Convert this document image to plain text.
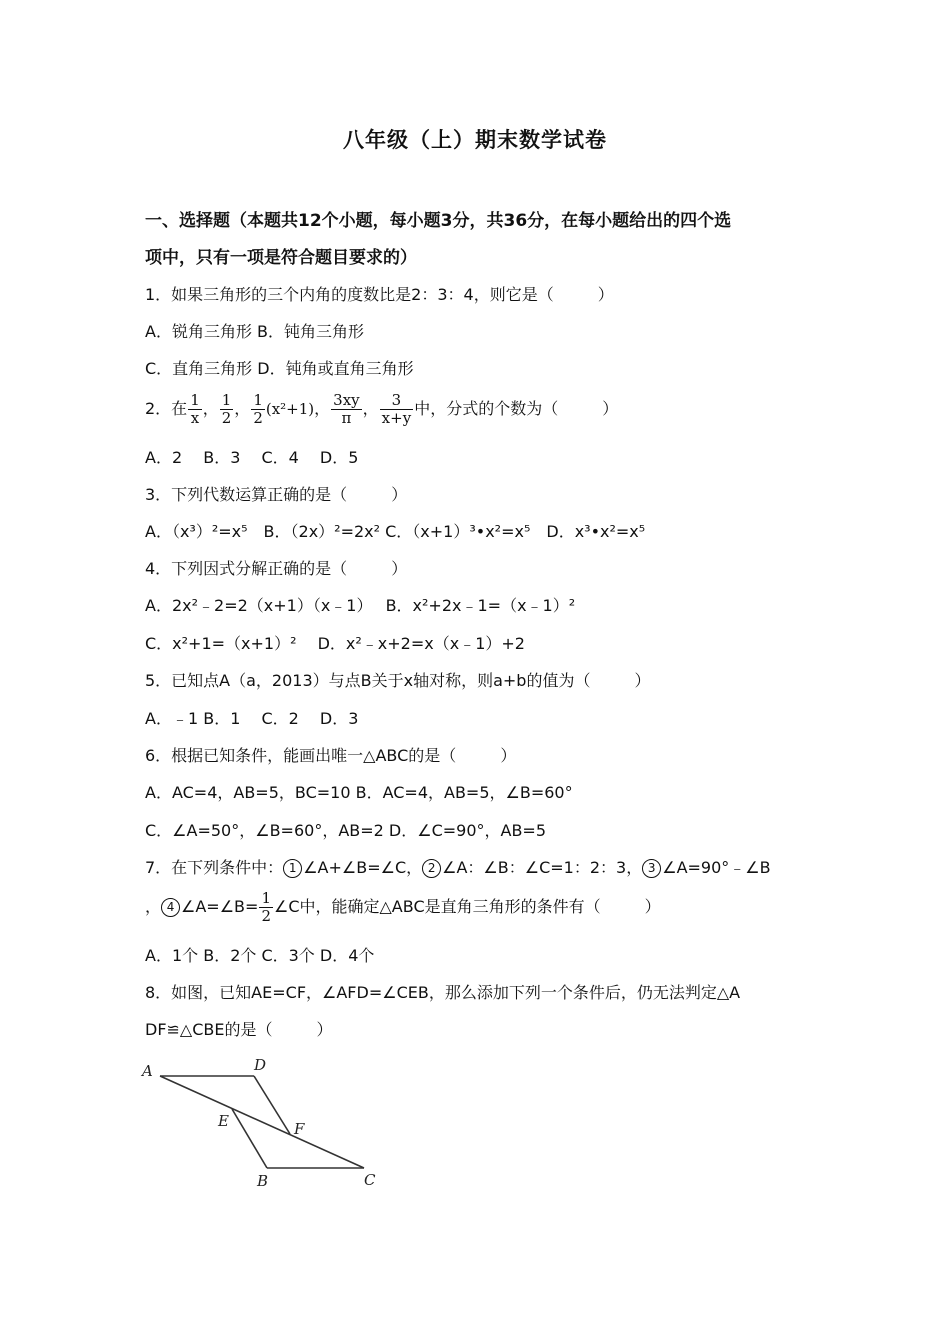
八年级（上）期末数学试卷
一、选择题（本题共12个小题，每小题3分，共36分，在每小题给出的四个选
项中，只有一项是符合题目要求的）
1．如果三角形的三个内角的度数比是2：3：4，则它是（	）
A．锐角三角形 B．钝角三角形
C．直角三角形 D．钝角或直角三角形
2．在 $\frac{1}{x}$ ， $\frac{1}{2}$ ， $\frac{1}{2} (x^2+1)$， $\frac{3xy}{\pi}$ ， $\frac{3}{x+y}$ 中，分式的个数为（	）
A．2　 B．3　 C．4　 D．5
3．下列代数运算正确的是（	）
A．（x³）²=x⁵　B．（2x）²=2x² C．（x+1）³•x²=x⁵　D．x³•x²=x⁵
4．下列因式分解正确的是（	）
A．2x²﹣2=2（x+1）（x﹣1）　 B．x²+2x﹣1=（x﹣1）²
C．x²+1=（x+1）²　 D．x²﹣x+2=x（x﹣1）+2
5．已知点A（a，2013）与点B关于x轴对称，则a+b的值为（	）
A．﹣1 B．1　 C．2　 D．3
6．根据已知条件，能画出唯一△ABC的是（	）
A．AC=4，AB=5，BC=10 B．AC=4，AB=5，∠B=60°
C．∠A=50°，∠B=60°，AB=2 D．∠C=90°，AB=5
7．在下列条件中： 1 ∠A+∠B=∠C， 2 ∠A：∠B：∠C=1：2：3， 3 ∠A=90°﹣∠B
， 4 ∠A=∠B= $\frac{1}{2}$ ∠C中，能确定△ABC是直角三角形的条件有（	）
A．1个 B．2个 C．3个 D．4个
8．如图，已知AE=CF，∠AFD=∠CEB，那么添加下列一个条件后，仍无法判定△A
DF≌△CBE的是（	）
A	D
E	F
B	C
